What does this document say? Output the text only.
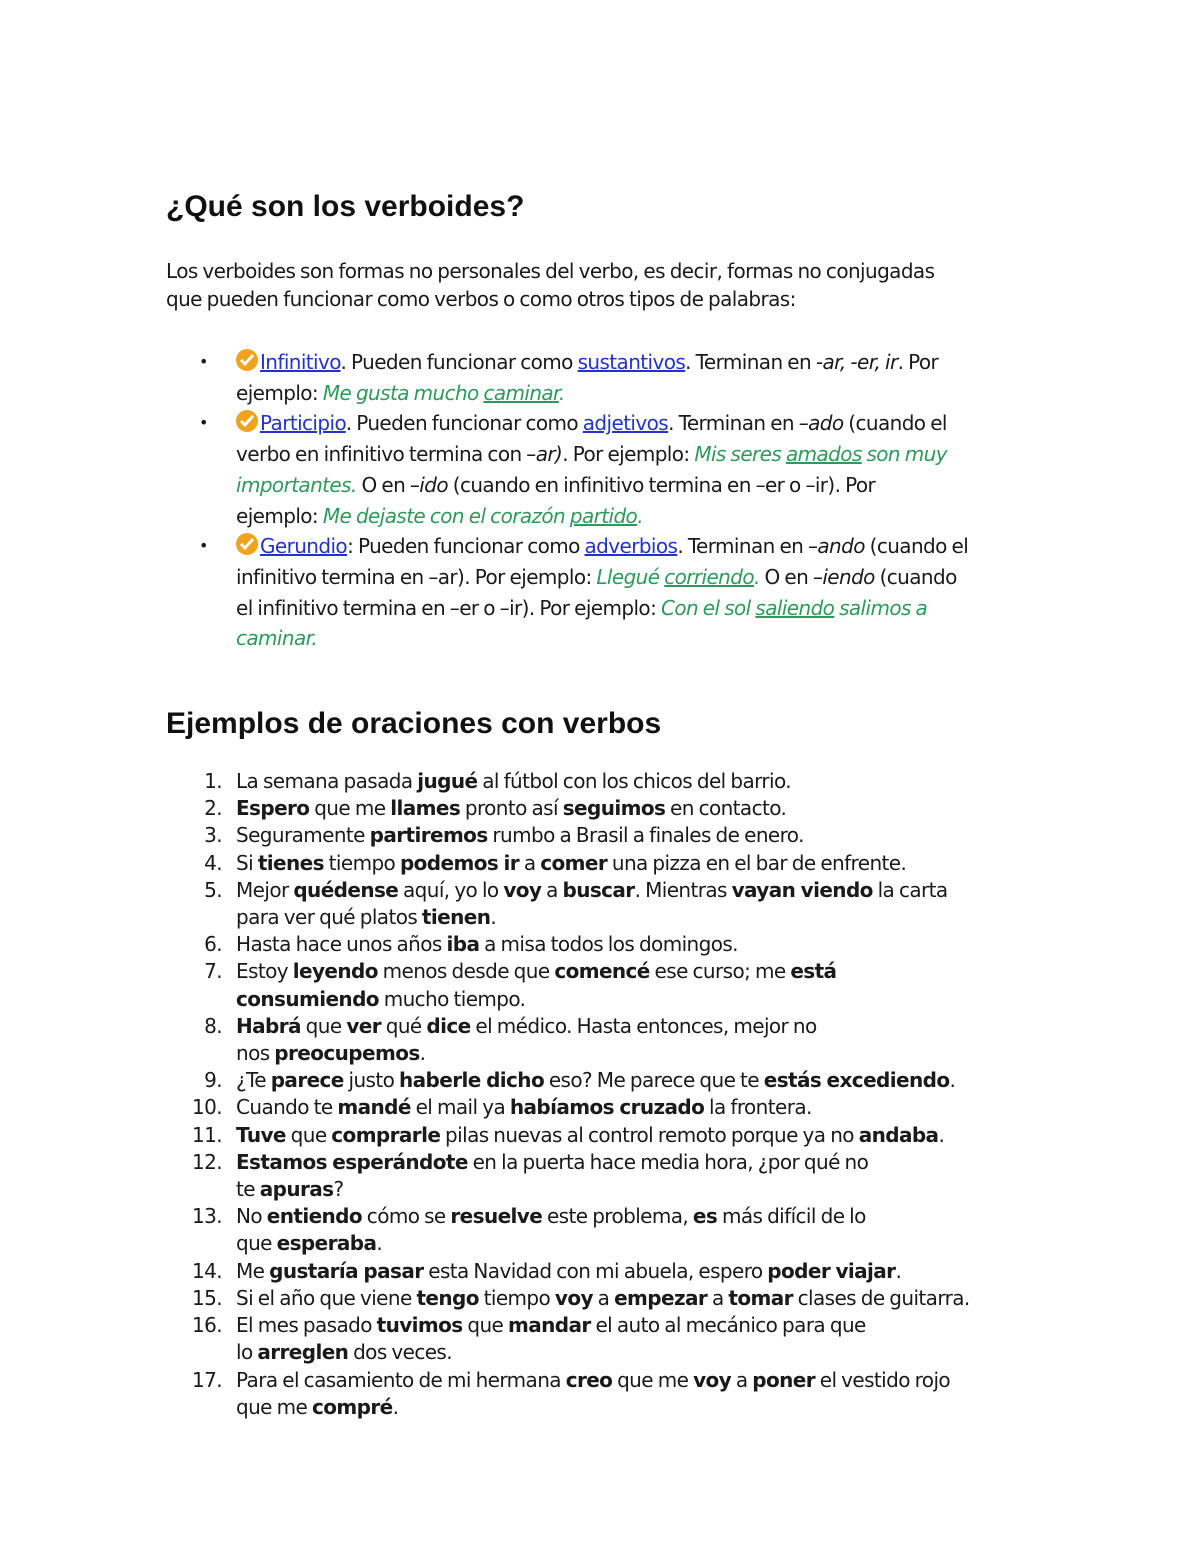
¿Qué son los verboides?

Los verboides son formas no personales del verbo, es decir, formas no conjugadas
que pueden funcionar como verbos o como otros tipos de palabras:

•	Infinitivo. Pueden funcionar como sustantivos. Terminan en -ar, -er, ir. Por
ejemplo: Me gusta mucho caminar.
•	Participio. Pueden funcionar como adjetivos. Terminan en –ado (cuando el
verbo en infinitivo termina con –ar). Por ejemplo: Mis seres amados son muy
importantes. O en –ido (cuando en infinitivo termina en –er o –ir). Por
ejemplo: Me dejaste con el corazón partido.
•	Gerundio: Pueden funcionar como adverbios. Terminan en –ando (cuando el
infinitivo termina en –ar). Por ejemplo: Llegué corriendo. O en –iendo (cuando
el infinitivo termina en –er o –ir). Por ejemplo: Con el sol saliendo salimos a
caminar.
Ejemplos de oraciones con verbos
1. La semana pasada jugué al fútbol con los chicos del barrio.
2. Espero que me llames pronto así seguimos en contacto.
3. Seguramente partiremos rumbo a Brasil a finales de enero.
4. Si tienes tiempo podemos ir a comer una pizza en el bar de enfrente.
5. Mejor quédense aquí, yo lo voy a buscar. Mientras vayan viendo la carta
para ver qué platos tienen.
6. Hasta hace unos años iba a misa todos los domingos.
7. Estoy leyendo menos desde que comencé ese curso; me está
consumiendo mucho tiempo.
8. Habrá que ver qué dice el médico. Hasta entonces, mejor no
nos preocupemos.
9. ¿Te parece justo haberle dicho eso? Me parece que te estás excediendo.
10. Cuando te mandé el mail ya habíamos cruzado la frontera.
11. Tuve que comprarle pilas nuevas al control remoto porque ya no andaba.
12. Estamos esperándote en la puerta hace media hora, ¿por qué no
te apuras?
13. No entiendo cómo se resuelve este problema, es más difícil de lo
que esperaba.
14. Me gustaría pasar esta Navidad con mi abuela, espero poder viajar.
15. Si el año que viene tengo tiempo voy a empezar a tomar clases de guitarra.
16. El mes pasado tuvimos que mandar el auto al mecánico para que
lo arreglen dos veces.
17. Para el casamiento de mi hermana creo que me voy a poner el vestido rojo
que me compré.
